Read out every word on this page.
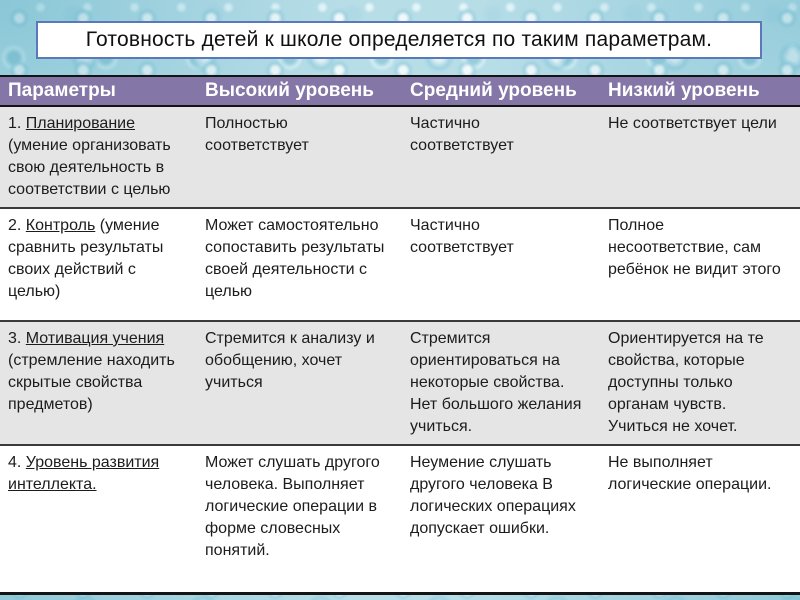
Готовность детей к школе определяется по таким параметрам.
Параметры	Высокий уровень	Средний уровень	Низкий уровень
1. Планирование (умение организовать свою деятельность в соответствии с целью	Полностью соответствует	Частично соответствует	Не соответствует цели
2. Контроль (умение сравнить результаты своих действий с целью)	Может самостоятельно сопоставить результаты своей деятельности с целью	Частично соответствует	Полное несоответствие, сам ребёнок не видит этого
3. Мотивация учения (стремление находить скрытые свойства предметов)	Стремится к анализу и обобщению, хочет учиться	Стремится ориентироваться на некоторые свойства. Нет большого желания учиться.	Ориентируется на те свойства, которые доступны только органам чувств. Учиться не хочет.
4. Уровень развития интеллекта.	Может слушать другого человека. Выполняет логические операции в форме словесных понятий.	Неумение слушать другого человека В логических операциях допускает ошибки.	Не выполняет логические операции.
